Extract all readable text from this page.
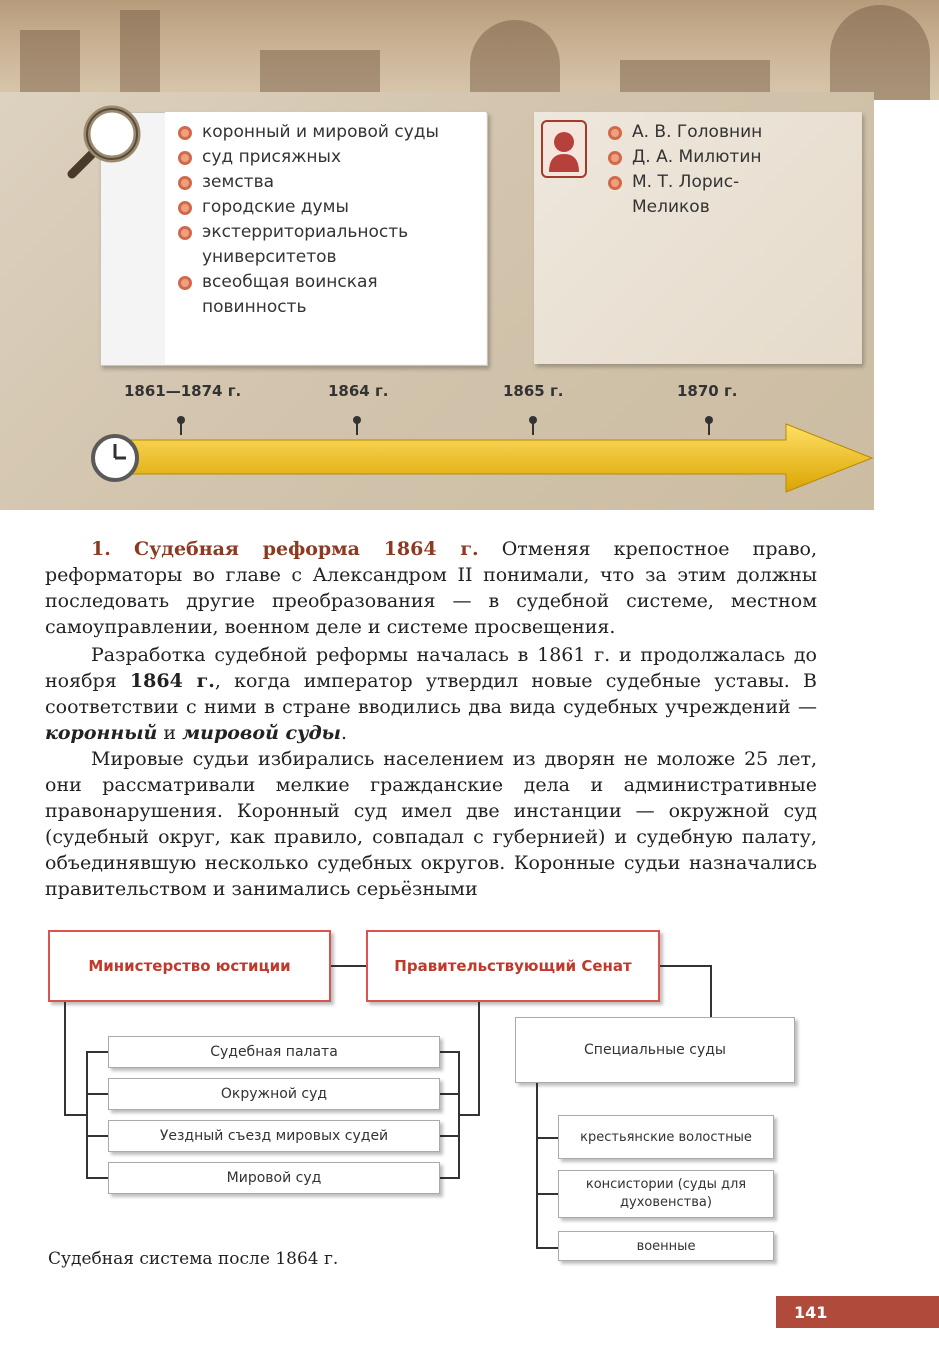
коронный и мировой суды
суд присяжных
земства
городские думы
экстерриториальность университетов
всеобщая воинская повинность
А. В. Головнин
Д. А. Милютин
М. Т. Лорис-Меликов
1861—1874 г.	1864 г.	1865 г.	1870 г.
1. Судебная реформа 1864 г. Отменяя крепостное право, реформаторы во главе с Александром II понимали, что за этим должны последовать другие преобразования — в судебной системе, местном самоуправлении, военном деле и системе просвещения.
Разработка судебной реформы началась в 1861 г. и продолжалась до ноября 1864 г., когда император утвердил новые судебные уставы. В соответствии с ними в стране вводились два вида судебных учреждений — коронный и мировой суды.
Мировые судьи избирались населением из дворян не моложе 25 лет, они рассматривали мелкие гражданские дела и административные правонарушения. Коронный суд имел две инстанции — окружной суд (судебный округ, как правило, совпадал с губернией) и судебную палату, объединявшую несколько судебных округов. Коронные судьи назначались правительством и занимались серьёзными
Министерство юстиции	Правительствующий Сенат
Судебная палата
Окружной суд
Уездный съезд мировых судей
Мировой суд
Специальные суды
крестьянские волостные
консистории (суды для духовенства)
военные
Судебная система после 1864 г.
141
